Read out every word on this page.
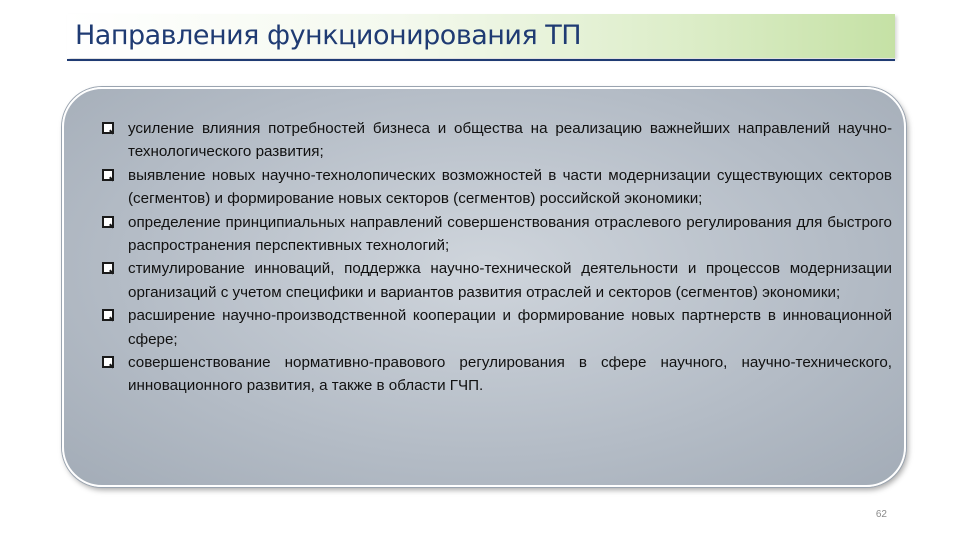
Направления функционирования ТП
усиление влияния потребностей бизнеса и общества на реализацию важнейших направлений научно-технологического развития;
выявление новых научно-технолопических возможностей в части модернизации существующих секторов (сегментов) и формирование новых секторов (сегментов) российской экономики;
определение принципиальных направлений совершенствования отраслевого регулирования для быстрого распространения перспективных технологий;
стимулирование инноваций, поддержка научно-технической деятельности и процессов модернизации организаций с учетом специфики и вариантов развития отраслей и секторов (сегментов) экономики;
расширение научно-производственной кооперации и формирование новых партнерств в инновационной сфере;
совершенствование нормативно-правового регулирования в сфере научного, научно-технического, инновационного развития, а также в области ГЧП.
62
